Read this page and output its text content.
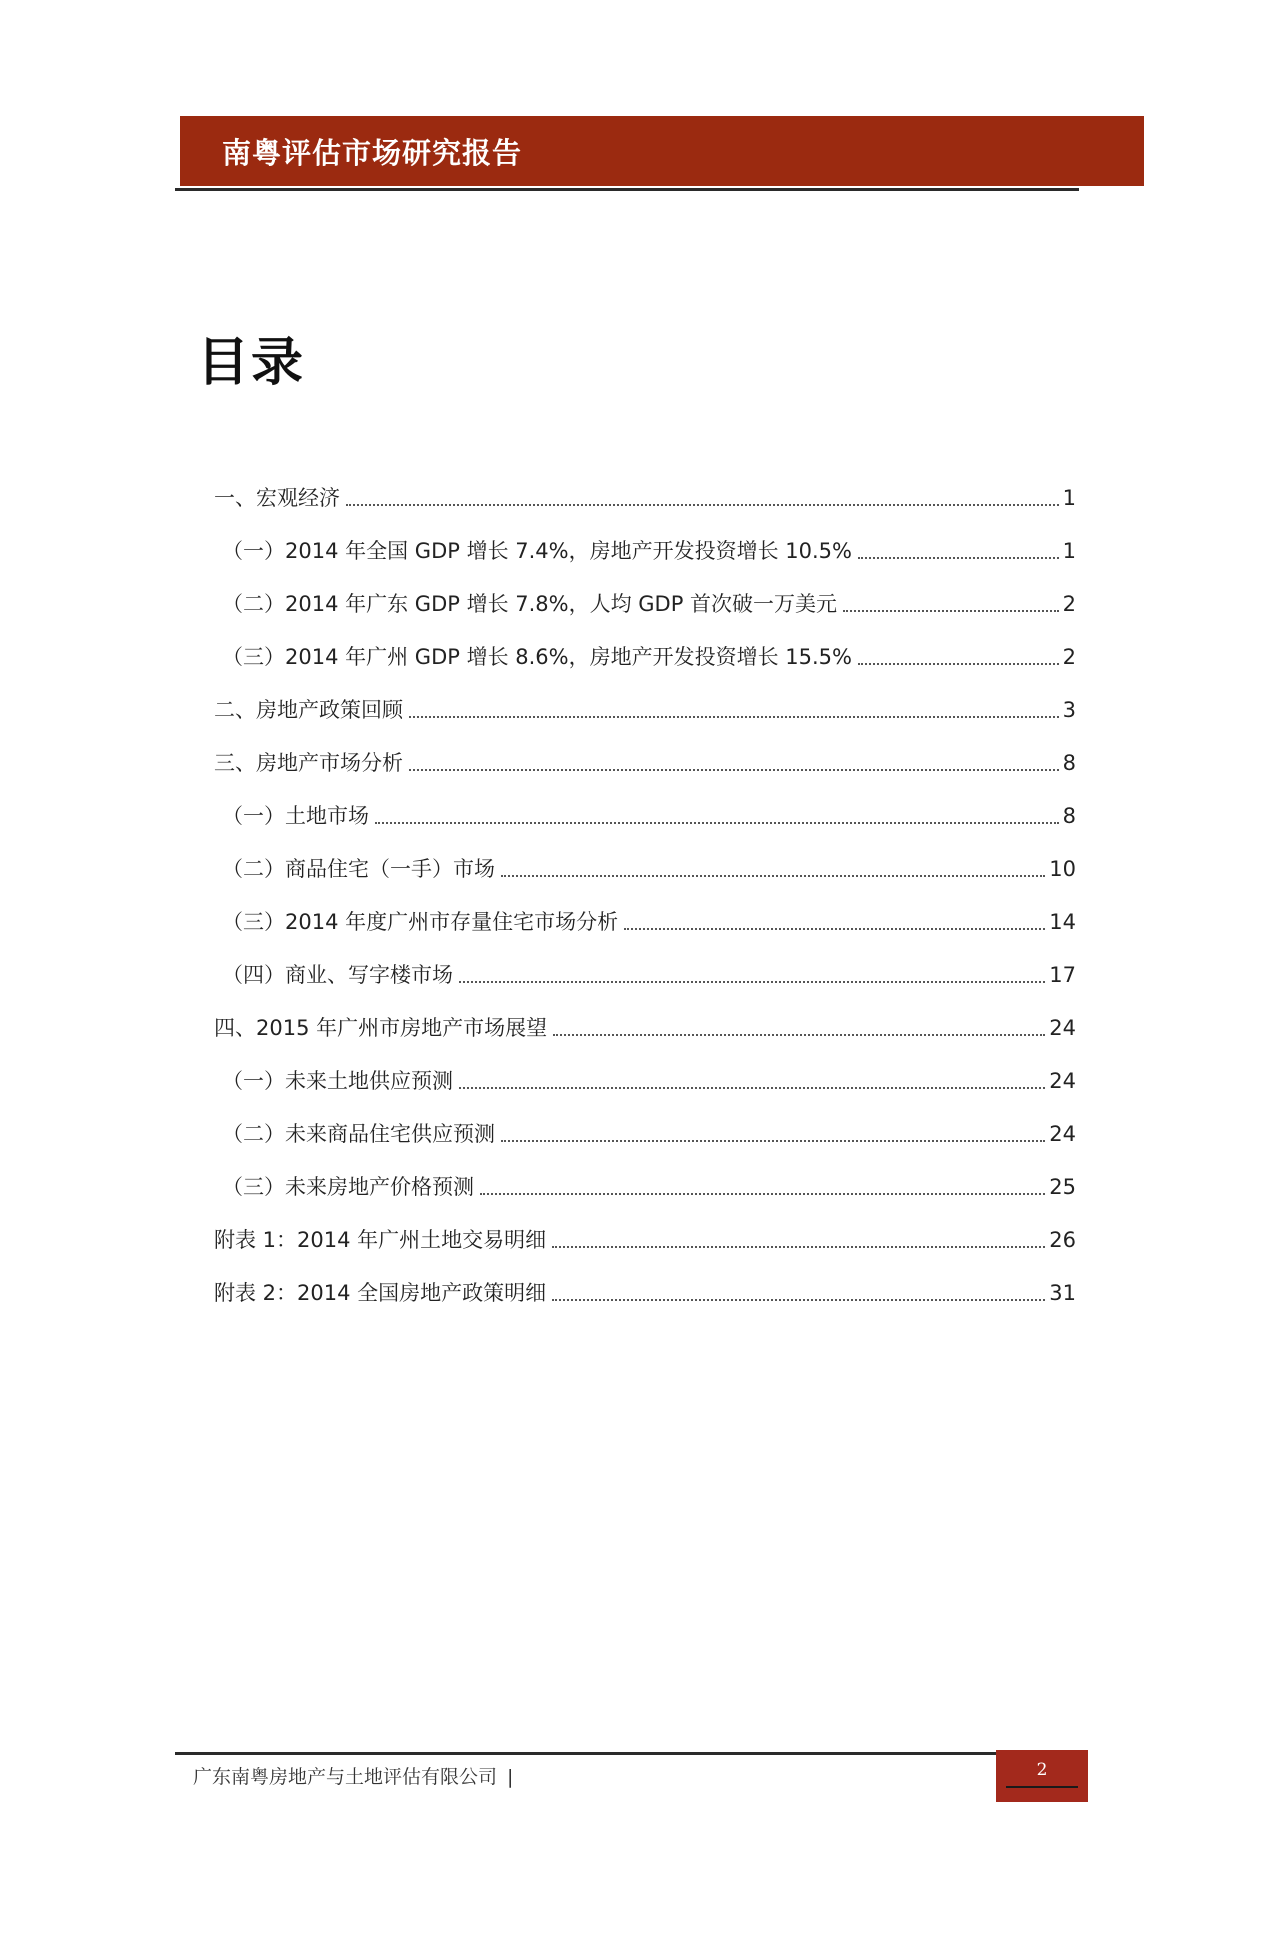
南粤评估市场研究报告
目录
一、宏观经济	1
（一）2014 年全国 GDP 增长 7.4%，房地产开发投资增长 10.5%	1
（二）2014 年广东 GDP 增长 7.8%，人均 GDP 首次破一万美元	2
（三）2014 年广州 GDP 增长 8.6%，房地产开发投资增长 15.5%	2
二、房地产政策回顾	3
三、房地产市场分析	8
（一）土地市场	8
（二）商品住宅（一手）市场	10
（三）2014 年度广州市存量住宅市场分析	14
（四）商业、写字楼市场	17
四、2015 年广州市房地产市场展望	24
（一）未来土地供应预测	24
（二）未来商品住宅供应预测	24
（三）未来房地产价格预测	25
附表 1：2014 年广州土地交易明细	26
附表 2：2014 全国房地产政策明细	31
广东南粤房地产与土地评估有限公司 |	2
